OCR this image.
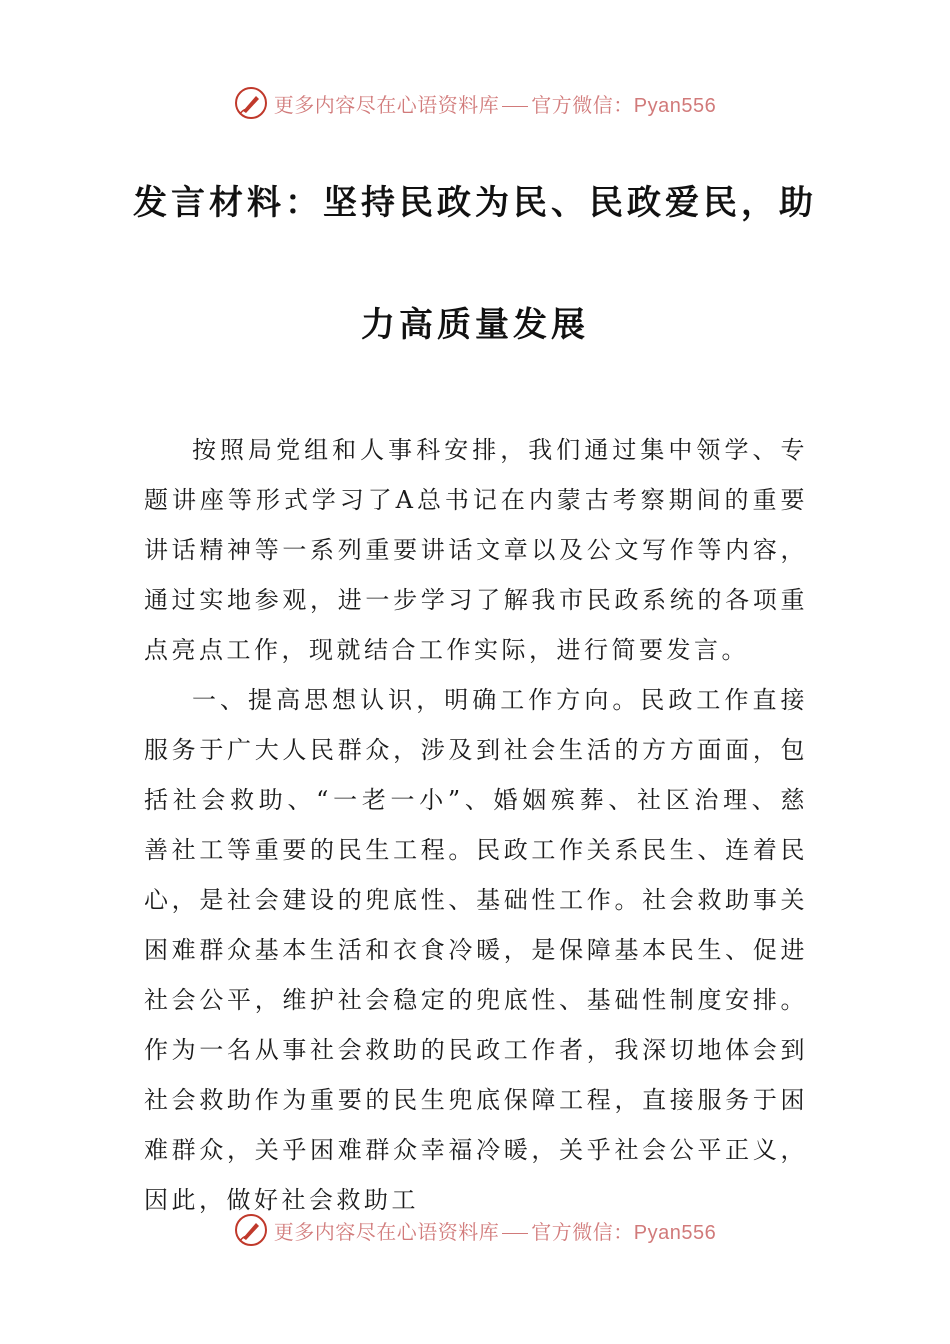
更多内容尽在心语资料库 官方微信：Pyan556
发言材料：坚持民政为民、民政爱民，助
力高质量发展

按照局党组和人事科安排，我们通过集中领学、专题讲座等形式学习了A总书记在内蒙古考察期间的重要讲话精神等一系列重要讲话文章以及公文写作等内容，通过实地参观，进一步学习了解我市民政系统的各项重点亮点工作，现就结合工作实际，进行简要发言。

一、提高思想认识，明确工作方向。民政工作直接服务于广大人民群众，涉及到社会生活的方方面面，包括社会救助、“一老一小”、婚姻殡葬、社区治理、慈善社工等重要的民生工程。民政工作关系民生、连着民心，是社会建设的兜底性、基础性工作。社会救助事关困难群众基本生活和衣食冷暖，是保障基本民生、促进社会公平，维护社会稳定的兜底性、基础性制度安排。作为一名从事社会救助的民政工作者，我深切地体会到社会救助作为重要的民生兜底保障工程，直接服务于困难群众，关乎困难群众幸福冷暖，关乎社会公平正义，因此，做好社会救助工

更多内容尽在心语资料库 官方微信：Pyan556
